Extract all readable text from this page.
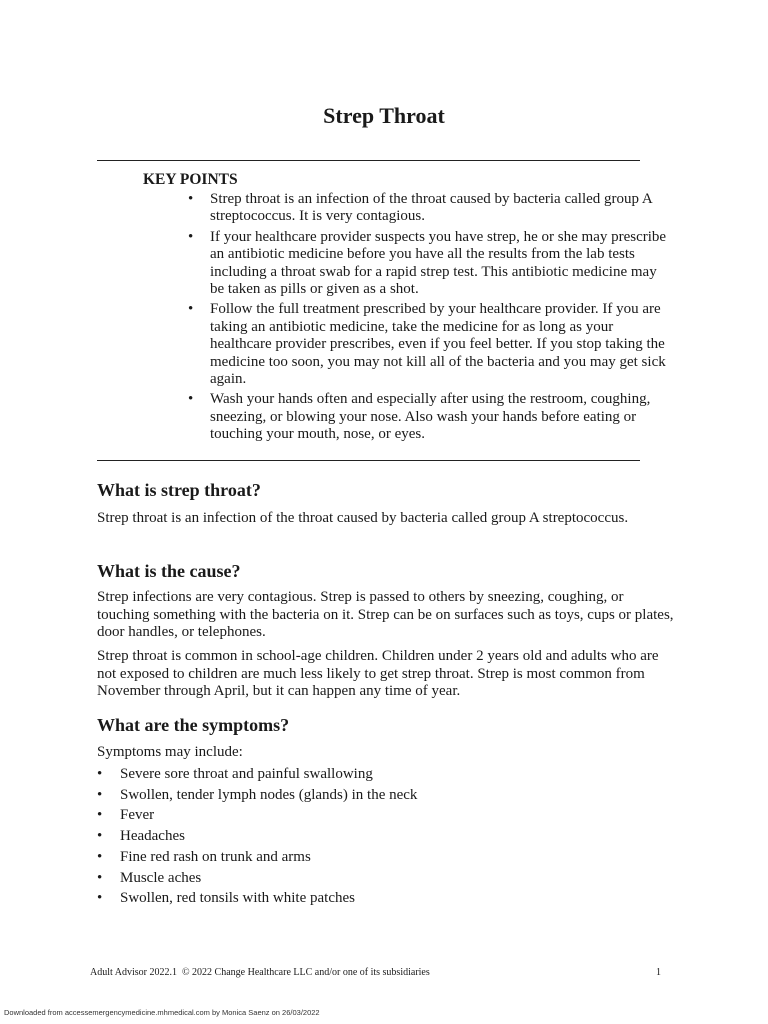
Strep Throat
KEY POINTS
• Strep throat is an infection of the throat caused by bacteria called group A streptococcus. It is very contagious.
• If your healthcare provider suspects you have strep, he or she may prescribe an antibiotic medicine before you have all the results from the lab tests including a throat swab for a rapid strep test. This antibiotic medicine may be taken as pills or given as a shot.
• Follow the full treatment prescribed by your healthcare provider. If you are taking an antibiotic medicine, take the medicine for as long as your healthcare provider prescribes, even if you feel better. If you stop taking the medicine too soon, you may not kill all of the bacteria and you may get sick again.
• Wash your hands often and especially after using the restroom, coughing, sneezing, or blowing your nose. Also wash your hands before eating or touching your mouth, nose, or eyes.
What is strep throat?

Strep throat is an infection of the throat caused by bacteria called group A streptococcus.

What is the cause?

Strep infections are very contagious. Strep is passed to others by sneezing, coughing, or touching something with the bacteria on it. Strep can be on surfaces such as toys, cups or plates, door handles, or telephones.

Strep throat is common in school-age children. Children under 2 years old and adults who are not exposed to children are much less likely to get strep throat. Strep is most common from November through April, but it can happen any time of year.

What are the symptoms?

Symptoms may include:

• Severe sore throat and painful swallowing
• Swollen, tender lymph nodes (glands) in the neck
• Fever
• Headaches
• Fine red rash on trunk and arms
• Muscle aches
• Swollen, red tonsils with white patches
Adult Advisor 2022.1  © 2022 Change Healthcare LLC and/or one of its subsidiaries	1
Downloaded from accessemergencymedicine.mhmedical.com by Monica Saenz on 26/03/2022
